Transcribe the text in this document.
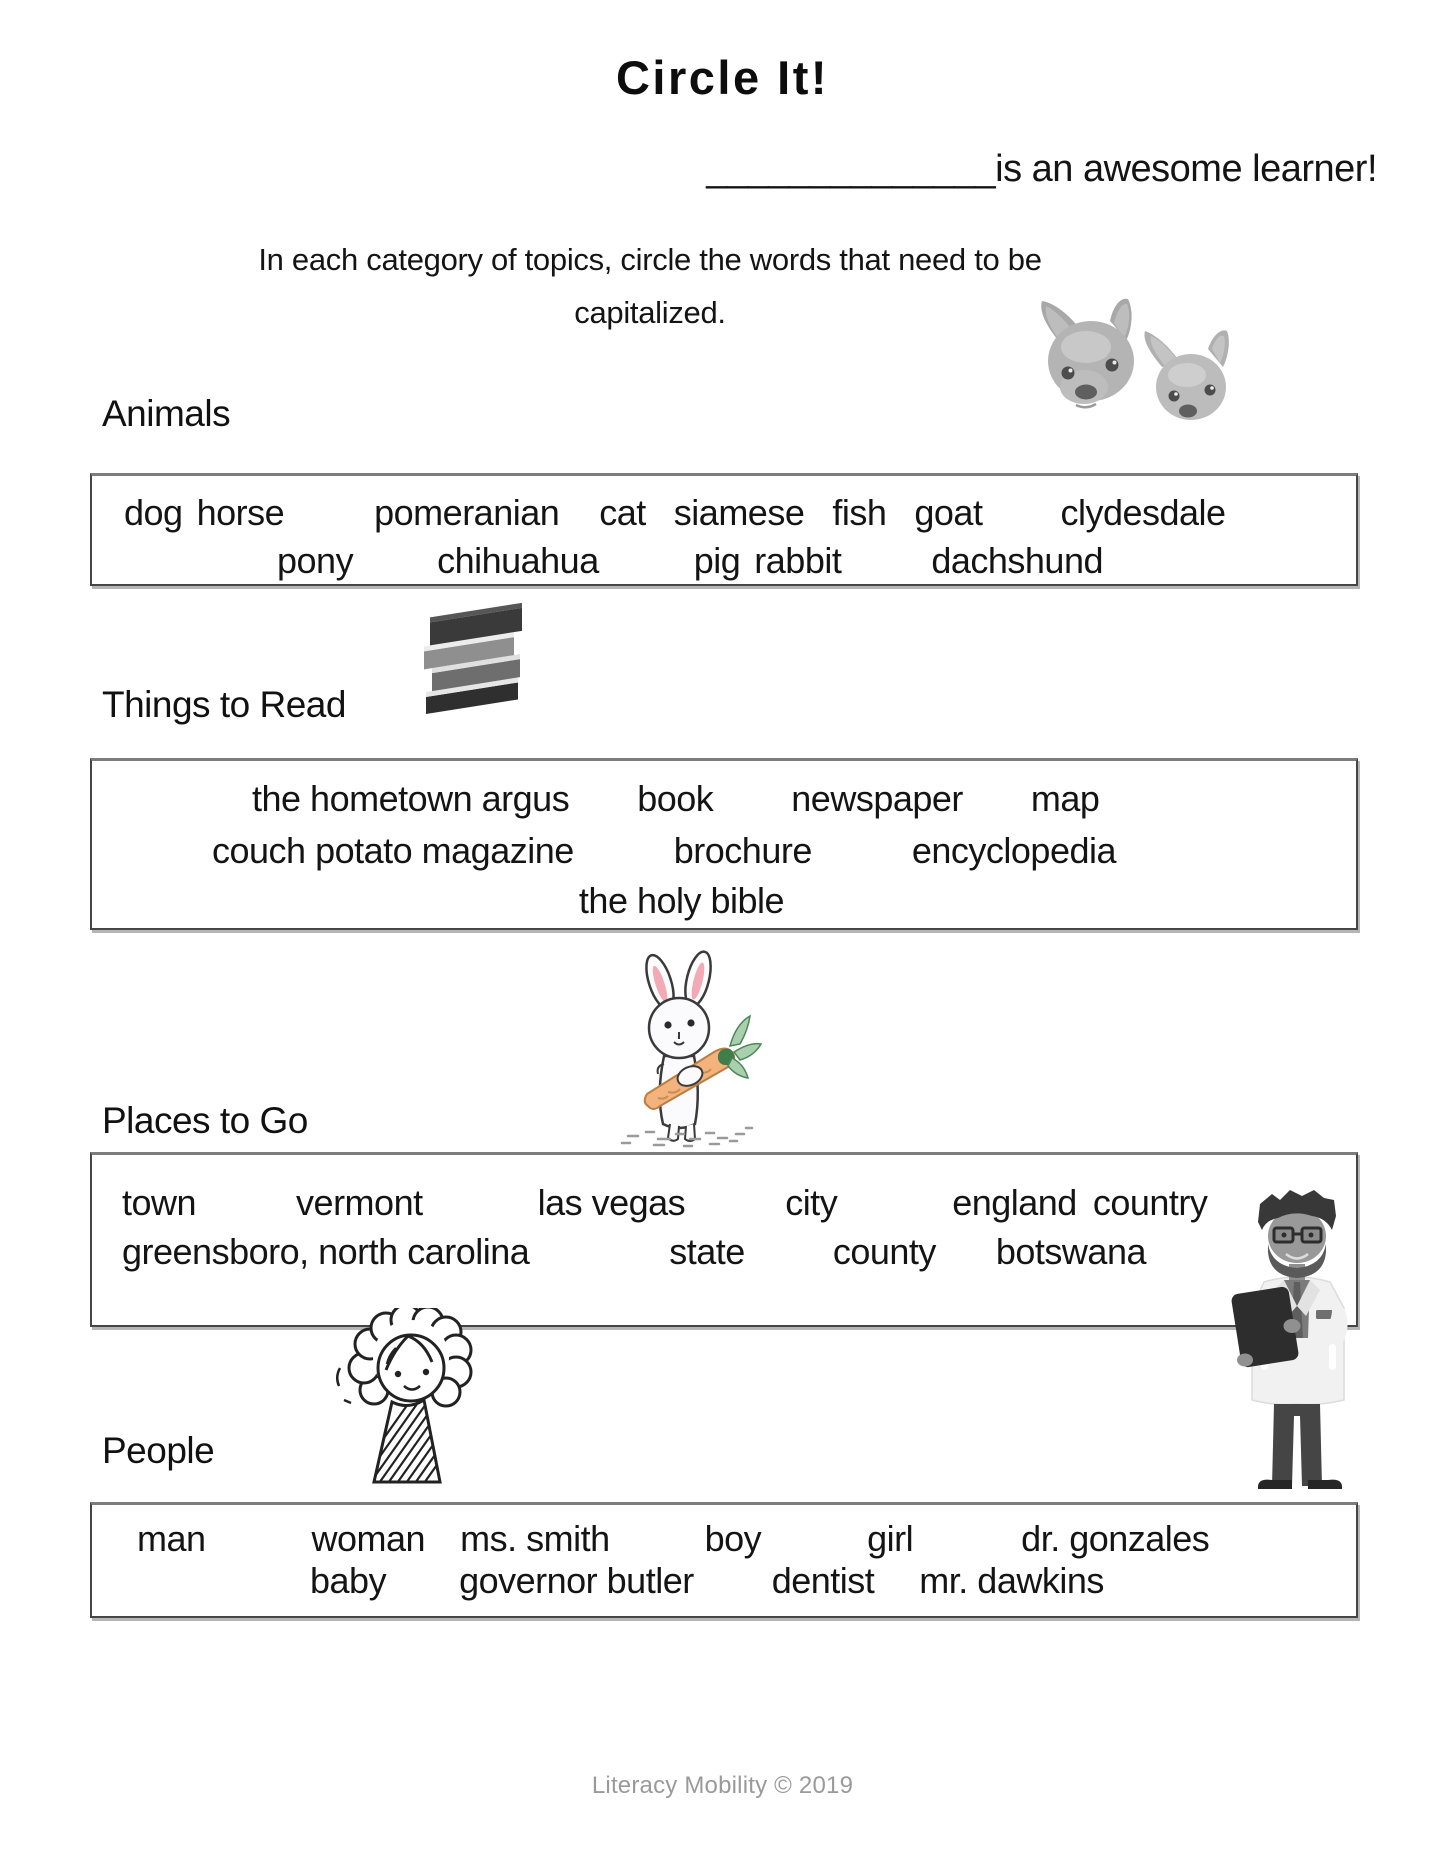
Circle It!
______________is an awesome learner!
In each category of topics, circle the words that need to be
capitalized.
Animals
Things to Read
Places to Go
People
dog horse	pomeranian cat siamese fish goat clydesdale
pony chihuahua	pig rabbit	dachshund
the hometown argus book newspaper map
couch potato magazine	brochure	encyclopedia
the holy bible
town	vermont	las vegas	city	england country
greensboro, north carolina	state county botswana
man	woman ms. smith	boy	girl	dr. gonzales
baby governor butler dentist mr. dawkins
Literacy Mobility © 2019
